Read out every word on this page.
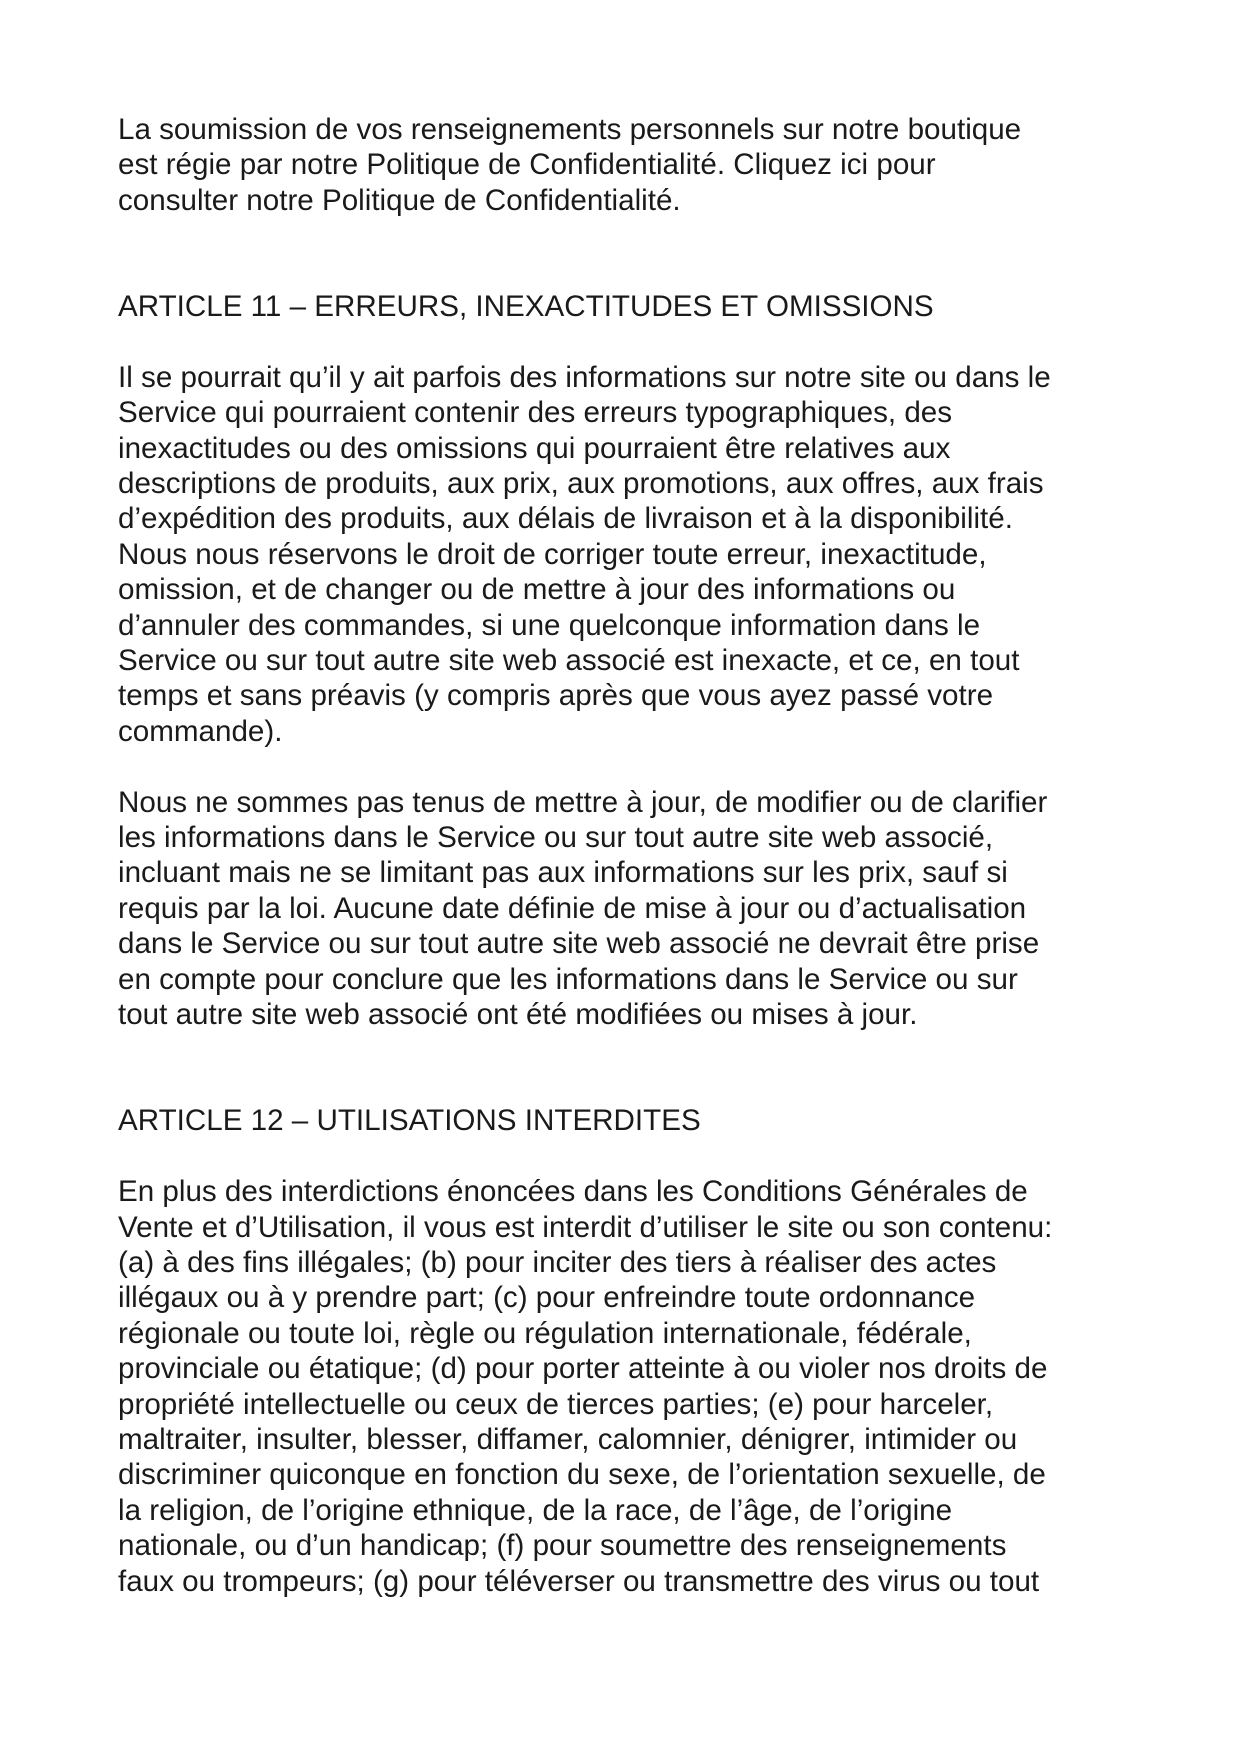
La soumission de vos renseignements personnels sur notre boutique
est régie par notre Politique de Confidentialité. Cliquez ici pour
consulter notre Politique de Confidentialité.

ARTICLE 11 – ERREURS, INEXACTITUDES ET OMISSIONS

Il se pourrait qu’il y ait parfois des informations sur notre site ou dans le
Service qui pourraient contenir des erreurs typographiques, des
inexactitudes ou des omissions qui pourraient être relatives aux
descriptions de produits, aux prix, aux promotions, aux offres, aux frais
d’expédition des produits, aux délais de livraison et à la disponibilité.
Nous nous réservons le droit de corriger toute erreur, inexactitude,
omission, et de changer ou de mettre à jour des informations ou
d’annuler des commandes, si une quelconque information dans le
Service ou sur tout autre site web associé est inexacte, et ce, en tout
temps et sans préavis (y compris après que vous ayez passé votre
commande).

Nous ne sommes pas tenus de mettre à jour, de modifier ou de clarifier
les informations dans le Service ou sur tout autre site web associé,
incluant mais ne se limitant pas aux informations sur les prix, sauf si
requis par la loi. Aucune date définie de mise à jour ou d’actualisation
dans le Service ou sur tout autre site web associé ne devrait être prise
en compte pour conclure que les informations dans le Service ou sur
tout autre site web associé ont été modifiées ou mises à jour.

ARTICLE 12 – UTILISATIONS INTERDITES

En plus des interdictions énoncées dans les Conditions Générales de
Vente et d’Utilisation, il vous est interdit d’utiliser le site ou son contenu:
(a) à des fins illégales; (b) pour inciter des tiers à réaliser des actes
illégaux ou à y prendre part; (c) pour enfreindre toute ordonnance
régionale ou toute loi, règle ou régulation internationale, fédérale,
provinciale ou étatique; (d) pour porter atteinte à ou violer nos droits de
propriété intellectuelle ou ceux de tierces parties; (e) pour harceler,
maltraiter, insulter, blesser, diffamer, calomnier, dénigrer, intimider ou
discriminer quiconque en fonction du sexe, de l’orientation sexuelle, de
la religion, de l’origine ethnique, de la race, de l’âge, de l’origine
nationale, ou d’un handicap; (f) pour soumettre des renseignements
faux ou trompeurs; (g) pour téléverser ou transmettre des virus ou tout
